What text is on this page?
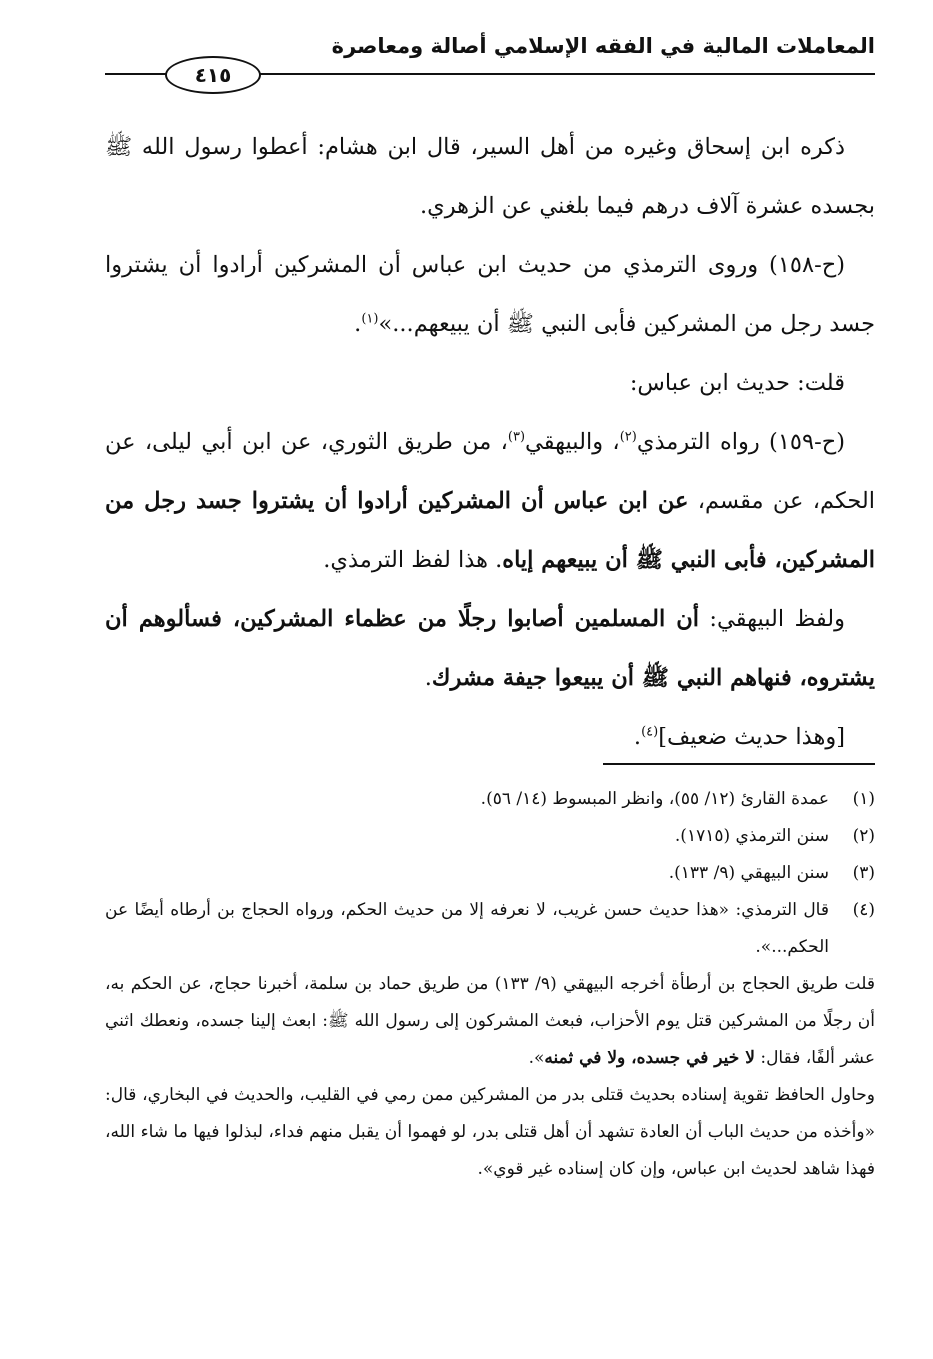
المعاملات المالية في الفقه الإسلامي أصالة ومعاصرة
٤١٥

ذكره ابن إسحاق وغيره من أهل السير، قال ابن هشام: أعطوا رسول الله ﷺ بجسده عشرة آلاف درهم فيما بلغني عن الزهري.

(ح-١٥٨) وروى الترمذي من حديث ابن عباس أن المشركين أرادوا أن يشتروا جسد رجل من المشركين فأبى النبي ﷺ أن يبيعهم...»$^{(١)}$.

قلت: حديث ابن عباس:

(ح-١٥٩) رواه الترمذي$^{(٢)}$، والبيهقي$^{(٣)}$، من طريق الثوري، عن ابن أبي ليلى، عن الحكم، عن مقسم، عن ابن عباس أن المشركين أرادوا أن يشتروا جسد رجل من المشركين، فأبى النبي ﷺ أن يبيعهم إياه. هذا لفظ الترمذي.

ولفظ البيهقي: أن المسلمين أصابوا رجلًا من عظماء المشركين، فسألوهم أن يشتروه، فنهاهم النبي ﷺ أن يبيعوا جيفة مشرك.

[وهذا حديث ضعيف]$^{(٤)}$.

(١)عمدة القارئ (١٢/ ٥٥)، وانظر المبسوط (١٤/ ٥٦).

(٢)سنن الترمذي (١٧١٥).

(٣)سنن البيهقي (٩/ ١٣٣).

(٤)قال الترمذي: «هذا حديث حسن غريب، لا نعرفه إلا من حديث الحكم، ورواه الحجاج بن أرطاه أيضًا عن الحكم...».

قلت طريق الحجاج بن أرطأة أخرجه البيهقي (٩/ ١٣٣) من طريق حماد بن سلمة، أخبرنا حجاج، عن الحكم به، أن رجلًا من المشركين قتل يوم الأحزاب، فبعث المشركون إلى رسول الله ﷺ: ابعث إلينا جسده، ونعطك اثني عشر ألفًا، فقال: لا خير في جسده، ولا في ثمنه».

وحاول الحافظ تقوية إسناده بحديث قتلى بدر من المشركين ممن رمي في القليب، والحديث في البخاري، قال: «وأخذه من حديث الباب أن العادة تشهد أن أهل قتلى بدر، لو فهموا أن يقبل منهم فداء، لبذلوا فيها ما شاء الله، فهذا شاهد لحديث ابن عباس، وإن كان إسناده غير قوي».
